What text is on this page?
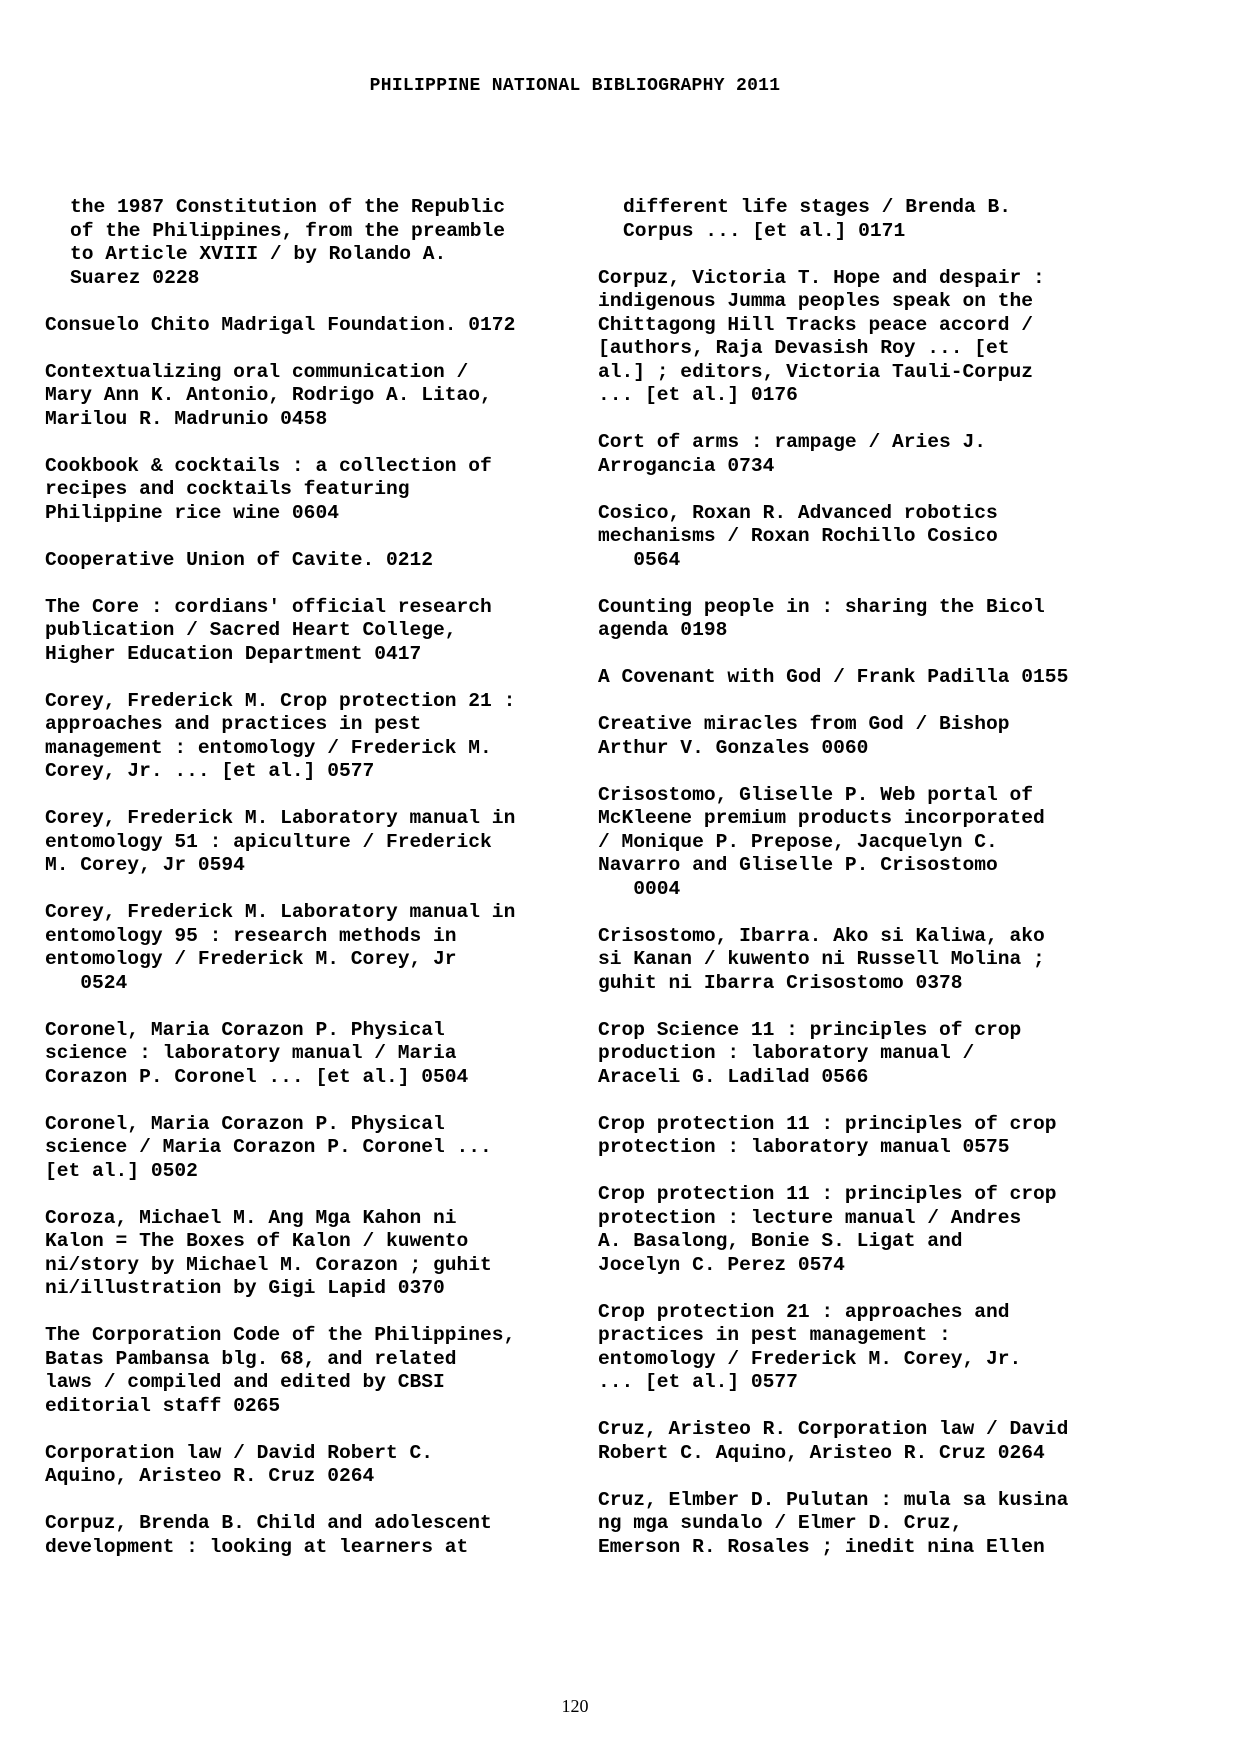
PHILIPPINE NATIONAL BIBLIOGRAPHY 2011
the 1987 Constitution of the Republic
of the Philippines, from the preamble
to Article XVIII / by Rolando A.
Suarez 0228
Consuelo Chito Madrigal Foundation. 0172
Contextualizing oral communication /
Mary Ann K. Antonio, Rodrigo A. Litao,
Marilou R. Madrunio 0458
Cookbook & cocktails : a collection of
recipes and cocktails featuring
Philippine rice wine 0604
Cooperative Union of Cavite. 0212
The Core : cordians' official research
publication / Sacred Heart College,
Higher Education Department 0417
Corey, Frederick M. Crop protection 21 :
approaches and practices in pest
management : entomology / Frederick M.
Corey, Jr. ... [et al.] 0577
Corey, Frederick M. Laboratory manual in
entomology 51 : apiculture / Frederick
M. Corey, Jr 0594
Corey, Frederick M. Laboratory manual in
entomology 95 : research methods in
entomology / Frederick M. Corey, Jr
0524
Coronel, Maria Corazon P. Physical
science : laboratory manual / Maria
Corazon P. Coronel ... [et al.] 0504
Coronel, Maria Corazon P. Physical
science / Maria Corazon P. Coronel ...
[et al.] 0502
Coroza, Michael M. Ang Mga Kahon ni
Kalon = The Boxes of Kalon / kuwento
ni/story by Michael M. Corazon ; guhit
ni/illustration by Gigi Lapid 0370
The Corporation Code of the Philippines,
Batas Pambansa blg. 68, and related
laws / compiled and edited by CBSI
editorial staff 0265
Corporation law / David Robert C.
Aquino, Aristeo R. Cruz 0264
Corpuz, Brenda B. Child and adolescent
development : looking at learners at
different life stages / Brenda B.
Corpus ... [et al.] 0171
Corpuz, Victoria T. Hope and despair :
indigenous Jumma peoples speak on the
Chittagong Hill Tracks peace accord /
[authors, Raja Devasish Roy ... [et
al.] ; editors, Victoria Tauli-Corpuz
... [et al.] 0176
Cort of arms : rampage / Aries J.
Arrogancia 0734
Cosico, Roxan R. Advanced robotics
mechanisms / Roxan Rochillo Cosico
0564
Counting people in : sharing the Bicol
agenda 0198
A Covenant with God / Frank Padilla 0155
Creative miracles from God / Bishop
Arthur V. Gonzales 0060
Crisostomo, Gliselle P. Web portal of
McKleene premium products incorporated
/ Monique P. Prepose, Jacquelyn C.
Navarro and Gliselle P. Crisostomo
0004
Crisostomo, Ibarra. Ako si Kaliwa, ako
si Kanan / kuwento ni Russell Molina ;
guhit ni Ibarra Crisostomo 0378
Crop Science 11 : principles of crop
production : laboratory manual /
Araceli G. Ladilad 0566
Crop protection 11 : principles of crop
protection : laboratory manual 0575
Crop protection 11 : principles of crop
protection : lecture manual / Andres
A. Basalong, Bonie S. Ligat and
Jocelyn C. Perez 0574
Crop protection 21 : approaches and
practices in pest management :
entomology / Frederick M. Corey, Jr.
... [et al.] 0577
Cruz, Aristeo R. Corporation law / David
Robert C. Aquino, Aristeo R. Cruz 0264
Cruz, Elmber D. Pulutan : mula sa kusina
ng mga sundalo / Elmer D. Cruz,
Emerson R. Rosales ; inedit nina Ellen
120
